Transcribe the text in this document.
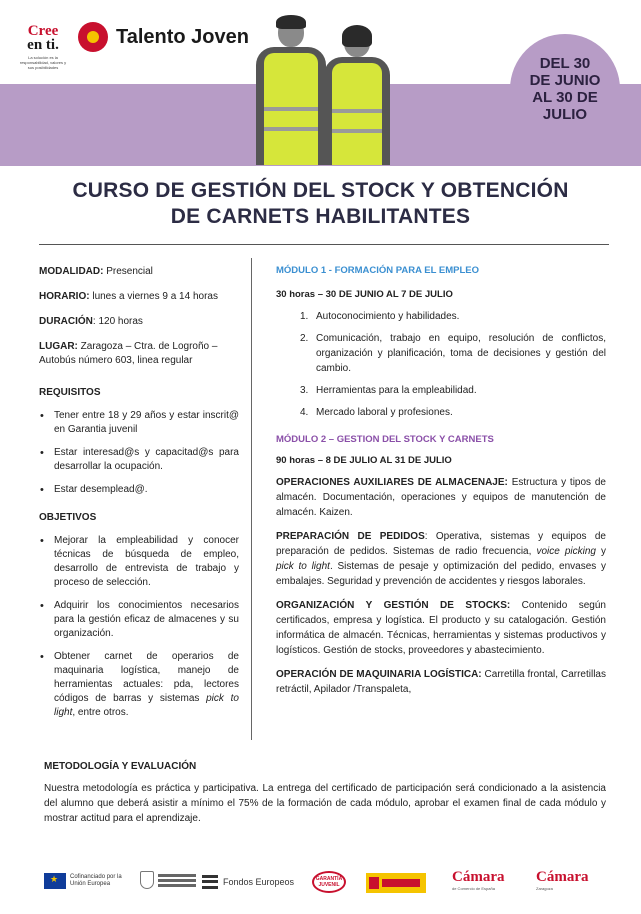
Cree
en ti.
La solución es la responsabilidad, valores y sus posibilidades
Talento Joven
DEL 30
DE JUNIO
AL 30 DE
JULIO
CURSO DE GESTIÓN DEL STOCK Y OBTENCIÓN
DE CARNETS HABILITANTES
MODALIDAD: Presencial
HORARIO: lunes a viernes 9 a 14 horas
DURACIÓN: 120 horas
LUGAR: Zaragoza – Ctra. de Logroño – Autobús número 603, linea regular
REQUISITOS
• Tener entre 18 y 29 años y estar inscrit@ en Garantia juvenil
• Estar interesad@s y capacitad@s para desarrollar la ocupación.
• Estar desemplead@.
OBJETIVOS
• Mejorar la empleabilidad y conocer técnicas de búsqueda de empleo, desarrollo de entrevista de trabajo y proceso de selección.
• Adquirir los conocimientos necesarios para la gestión eficaz de almacenes y su organización.
• Obtener carnet de operarios de maquinaria logística, manejo de herramientas actuales: pda, lectores códigos de barras y sistemas pick to light, entre otros.
MÓDULO 1 - FORMACIÓN PARA EL EMPLEO
30 horas – 30 DE JUNIO AL 7 DE JULIO
1. Autoconocimiento y habilidades.
2. Comunicación, trabajo en equipo, resolución de conflictos, organización y planificación, toma de decisiones y gestión del cambio.
3. Herramientas para la empleabilidad.
4. Mercado laboral y profesiones.
MÓDULO 2 – GESTION DEL STOCK Y CARNETS
90 horas – 8 DE JULIO AL 31 DE JULIO
OPERACIONES AUXILIARES DE ALMACENAJE: Estructura y tipos de almacén. Documentación, operaciones y equipos de manutención de almacén. Kaizen.
PREPARACIÓN DE PEDIDOS: Operativa, sistemas y equipos de preparación de pedidos. Sistemas de radio frecuencia, voice picking y pick to light. Sistemas de pesaje y optimización del pedido, envases y embalajes. Seguridad y prevención de accidentes y riesgos laborales.
ORGANIZACIÓN Y GESTIÓN DE STOCKS: Contenido según certificados, empresa y logística. El producto y su catalogación. Gestión informática de almacén. Técnicas, herramientas y sistemas productivos y logísticos. Gestión de stocks, proveedores y abastecimiento.
OPERACIÓN DE MAQUINARIA LOGÍSTICA: Carretilla frontal, Carretillas retráctil, Apilador /Transpaleta,
METODOLOGÍA Y EVALUACIÓN
Nuestra metodología es práctica y participativa. La entrega del certificado de participación será condicionado a la asistencia del alumno que deberá asistir a mínimo el 75% de la formación de cada módulo, aprobar el examen final de cada módulo y mostrar actitud para el aprendizaje.
★
Cofinanciado por la Unión Europea	Fondos Europeos	GARANTÍA JUVENIL	Cámara
de Comercio de España
Cámara
Zaragoza
